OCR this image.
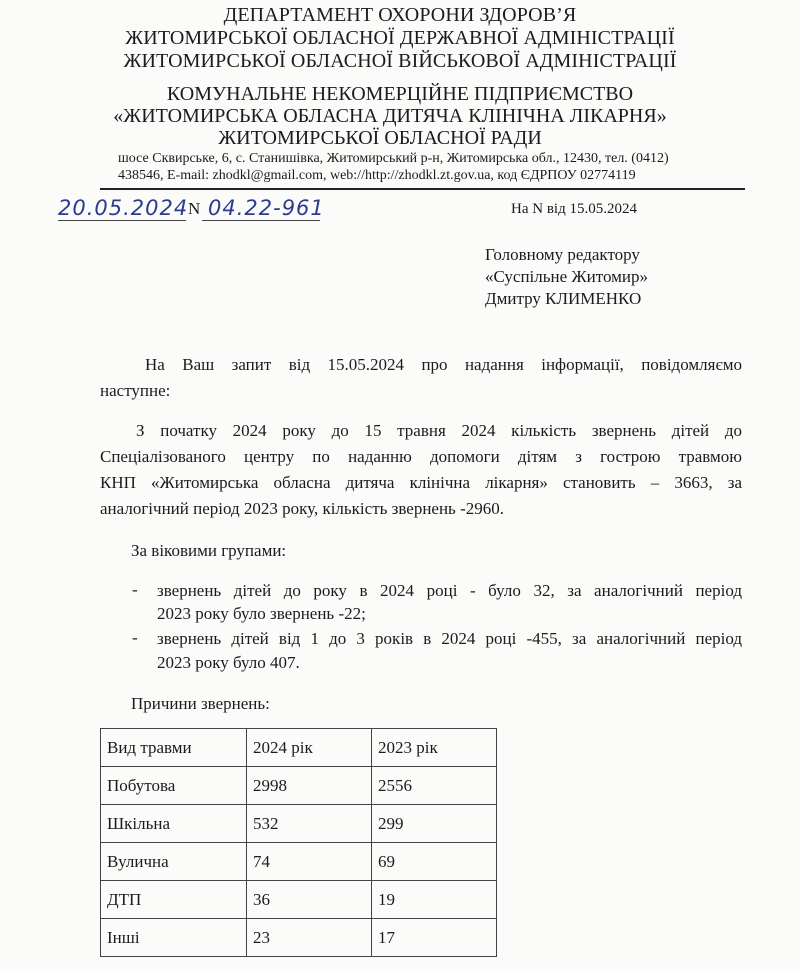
ДЕПАРТАМЕНТ ОХОРОНИ ЗДОРОВ’Я
ЖИТОМИРСЬКОЇ ОБЛАСНОЇ ДЕРЖАВНОЇ АДМІНІСТРАЦІЇ
ЖИТОМИРСЬКОЇ ОБЛАСНОЇ ВІЙСЬКОВОЇ АДМІНІСТРАЦІЇ
КОМУНАЛЬНЕ НЕКОМЕРЦІЙНЕ ПІДПРИЄМСТВО
«ЖИТОМИРСЬКА ОБЛАСНА ДИТЯЧА КЛІНІЧНА ЛІКАРНЯ»
ЖИТОМИРСЬКОЇ ОБЛАСНОЇ РАДИ
шосе Сквирське, 6, с. Станишівка, Житомирський р-н, Житомирська обл., 12430, тел. (0412)
438546, E-mail: zhodkl@gmail.com, web://http://zhodkl.zt.gov.ua, код ЄДРПОУ 02774119
20.05.2024 N 04.22-961	На N від 15.05.2024
Головному редактору
«Суспільне Житомир»
Дмитру КЛИМЕНКО
На Ваш запит від 15.05.2024 про надання інформації, повідомляємо
наступне:
З початку 2024 року до 15 травня 2024 кількість звернень дітей до
Спеціалізованого центру по наданню допомоги дітям з гострою травмою
КНП «Житомирська обласна дитяча клінічна лікарня» становить – 3663, за
аналогічний період 2023 року, кількість звернень -2960.
За віковими групами:
- звернень дітей до року в 2024 році - було 32, за аналогічний період
2023 року було звернень -22;
- звернень дітей від 1 до 3 років в 2024 році -455, за аналогічний період
2023 року було 407.
Причини звернень:
Вид травми	2024 рік	2023 рік
Побутова	2998	2556
Шкільна	532	299
Вулична	74	69
ДТП	36	19
Інші	23	17
